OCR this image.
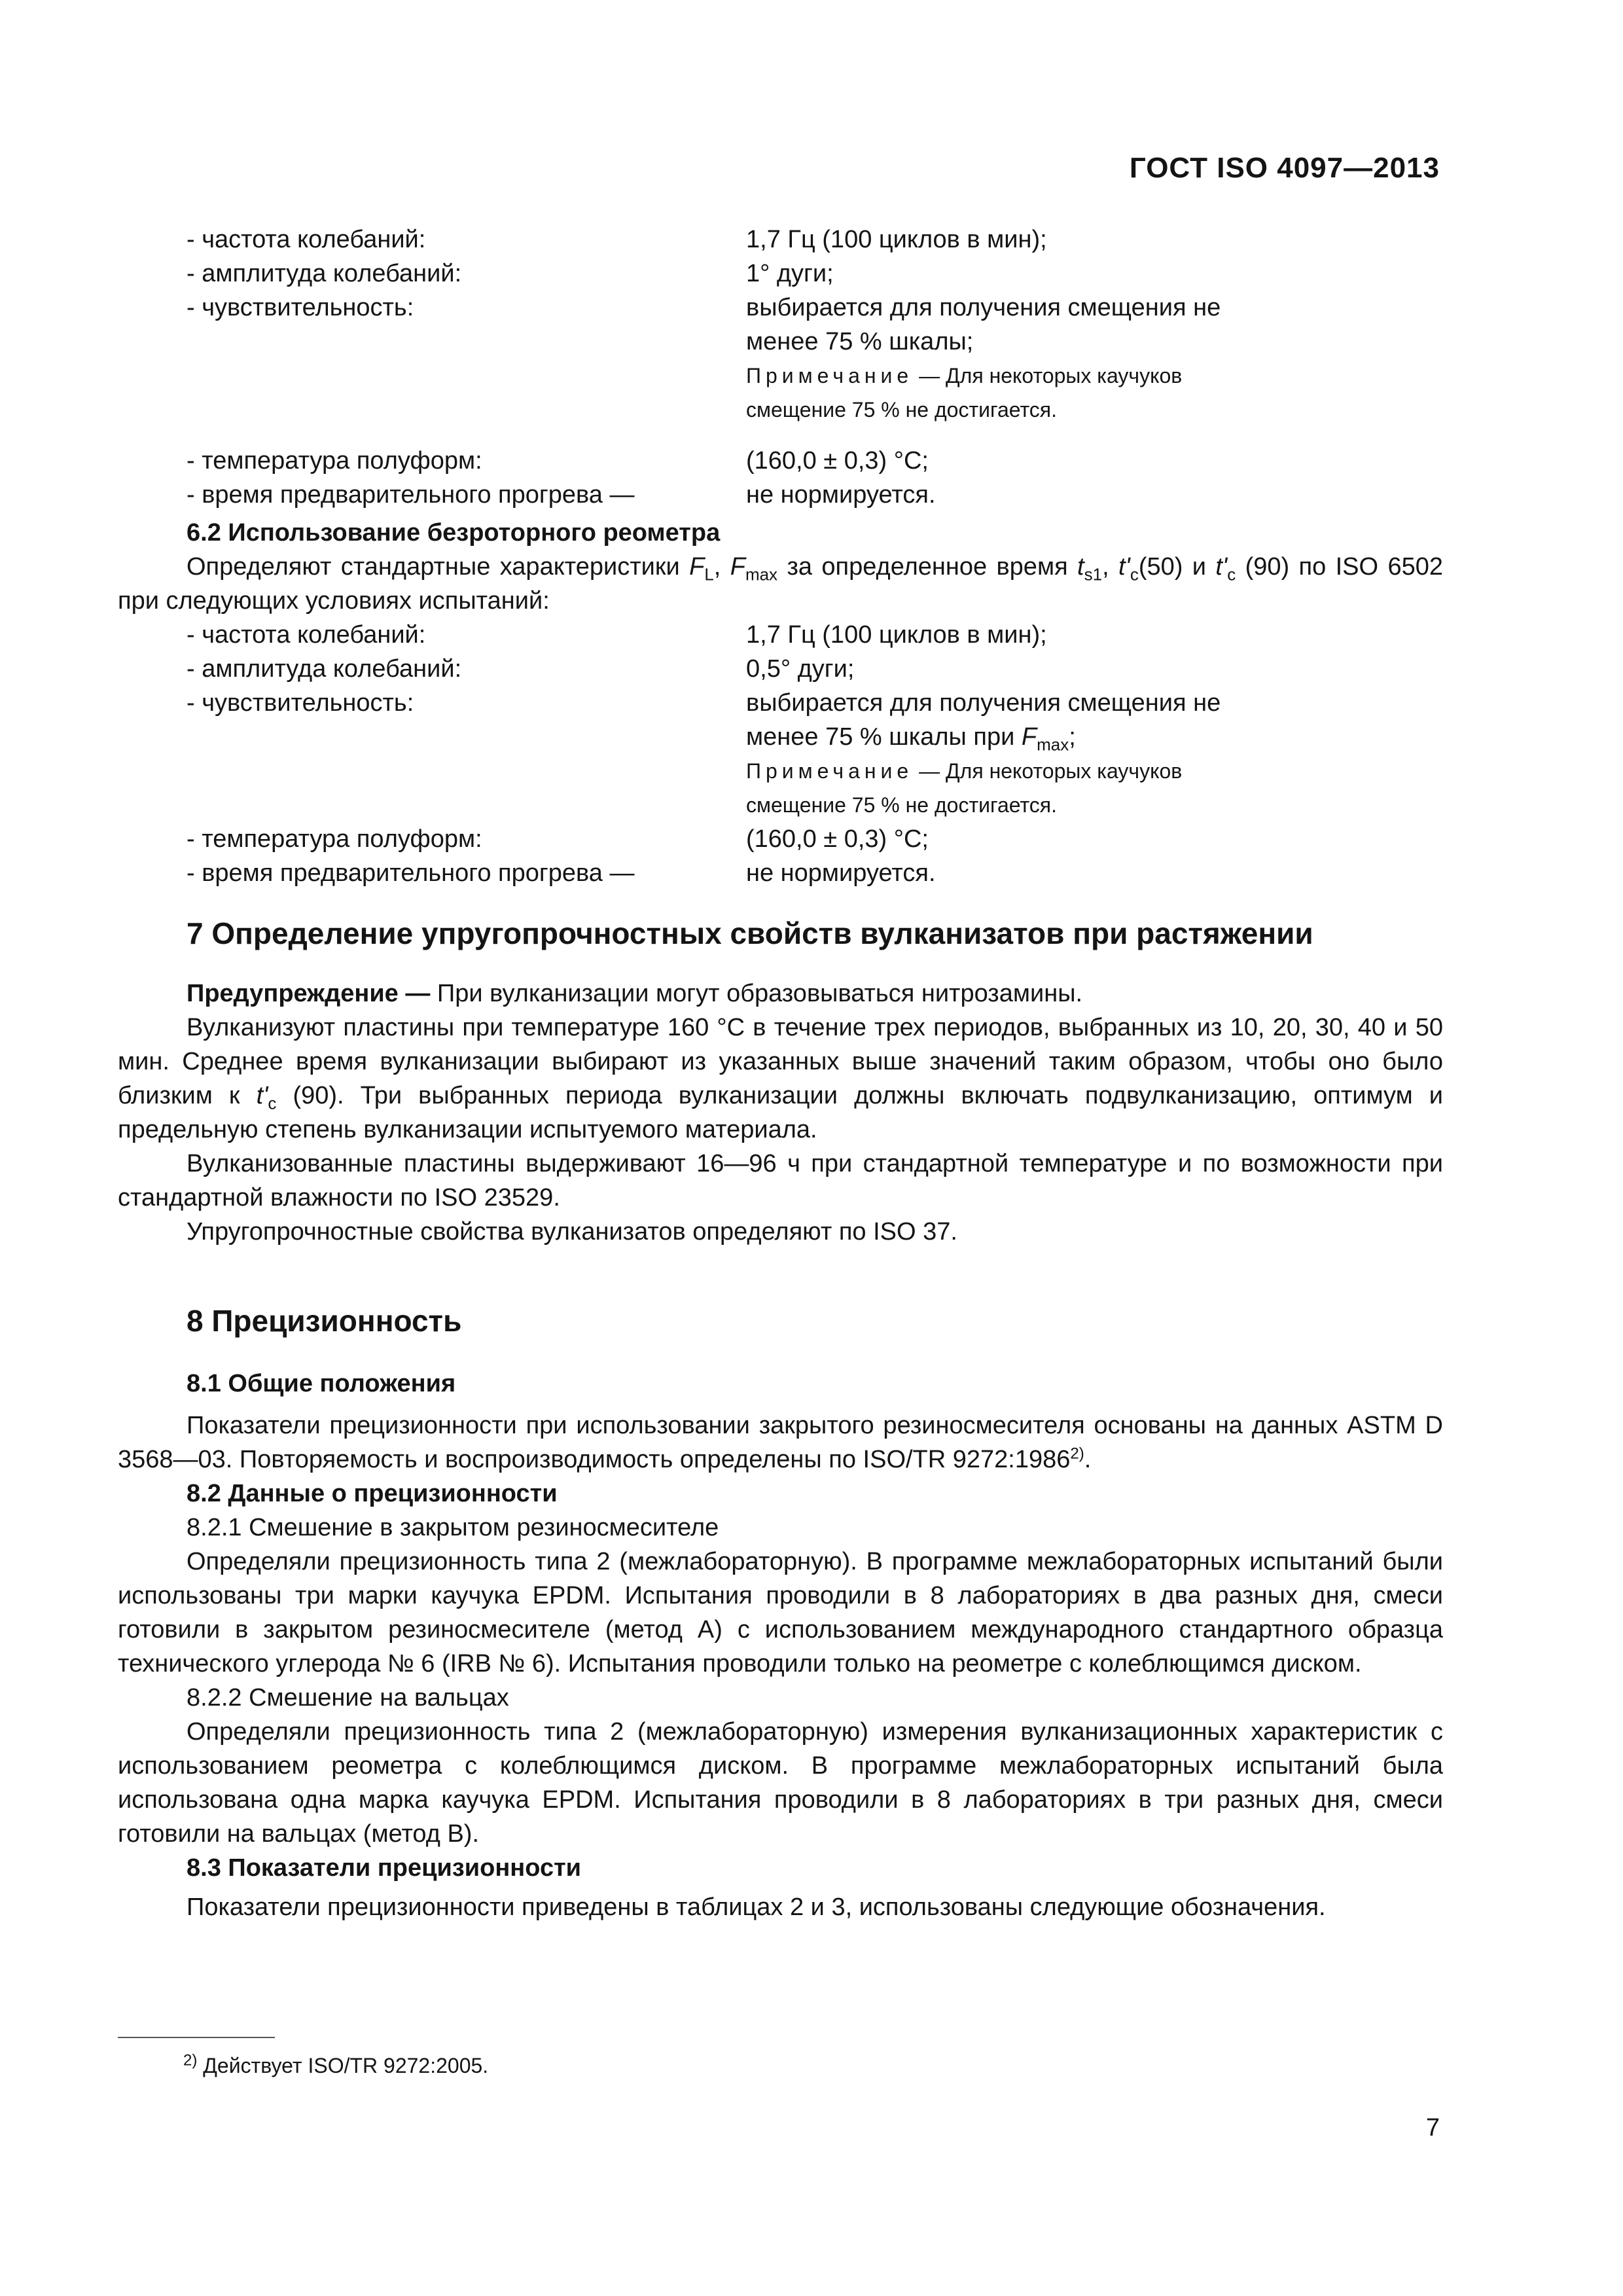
ГОСТ ISO 4097—2013
- частота колебаний:	1,7 Гц (100 циклов в мин);
- амплитуда колебаний:	1° дуги;
- чувствительность:	выбирается для получения смещения не
менее 75 % шкалы;
Примечание — Для некоторых каучуков
смещение 75 % не достигается.
- температура полуформ:	(160,0 ± 0,3) °C;
- время предварительного прогрева —	не нормируется.
6.2 Использование безроторного реометра

Определяют стандартные характеристики $F_L$, $F_{max}$ за определенное время $t_{s1}$, $t'_c(50)$ и $t'_c$ (90) по ISO 6502 при следующих условиях испытаний:

- частота колебаний:	1,7 Гц (100 циклов в мин);
- амплитуда колебаний:	0,5° дуги;
- чувствительность:	выбирается для получения смещения не
менее 75 % шкалы при $F_{max}$;
Примечание — Для некоторых каучуков
смещение 75 % не достигается.
- температура полуформ:	(160,0 ± 0,3) °C;
- время предварительного прогрева —	не нормируется.
7 Определение упругопрочностных свойств вулканизатов при растяжении

Предупреждение — При вулканизации могут образовываться нитрозамины.

Вулканизуют пластины при температуре 160 °C в течение трех периодов, выбранных из 10, 20, 30, 40 и 50 мин. Среднее время вулканизации выбирают из указанных выше значений таким образом, чтобы оно было близким к $t'_c$ (90). Три выбранных периода вулканизации должны включать подвулканизацию, оптимум и предельную степень вулканизации испытуемого материала.

Вулканизованные пластины выдерживают 16—96 ч при стандартной температуре и по возможности при стандартной влажности по ISO 23529.

Упругопрочностные свойства вулканизатов определяют по ISO 37.

8 Прецизионность
8.1 Общие положения

Показатели прецизионности при использовании закрытого резиносмесителя основаны на данных ASTM D 3568—03. Повторяемость и воспроизводимость определены по ISO/TR 9272:1986$^{2)}$.

8.2 Данные о прецизионности
8.2.1 Смешение в закрытом резиносмесителе

Определяли прецизионность типа 2 (межлабораторную). В программе межлабораторных испытаний были использованы три марки каучука EPDM. Испытания проводили в 8 лабораториях в два разных дня, смеси готовили в закрытом резиносмесителе (метод А) с использованием международного стандартного образца технического углерода № 6 (IRB № 6). Испытания проводили только на реометре с колеблющимся диском.

8.2.2 Смешение на вальцах

Определяли прецизионность типа 2 (межлабораторную) измерения вулканизационных характеристик с использованием реометра с колеблющимся диском. В программе межлабораторных испытаний была использована одна марка каучука EPDM. Испытания проводили в 8 лабораториях в три разных дня, смеси готовили на вальцах (метод В).

8.3 Показатели прецизионности

Показатели прецизионности приведены в таблицах 2 и 3, использованы следующие обозначения.

$^{2)}$ Действует ISO/TR 9272:2005.
7
